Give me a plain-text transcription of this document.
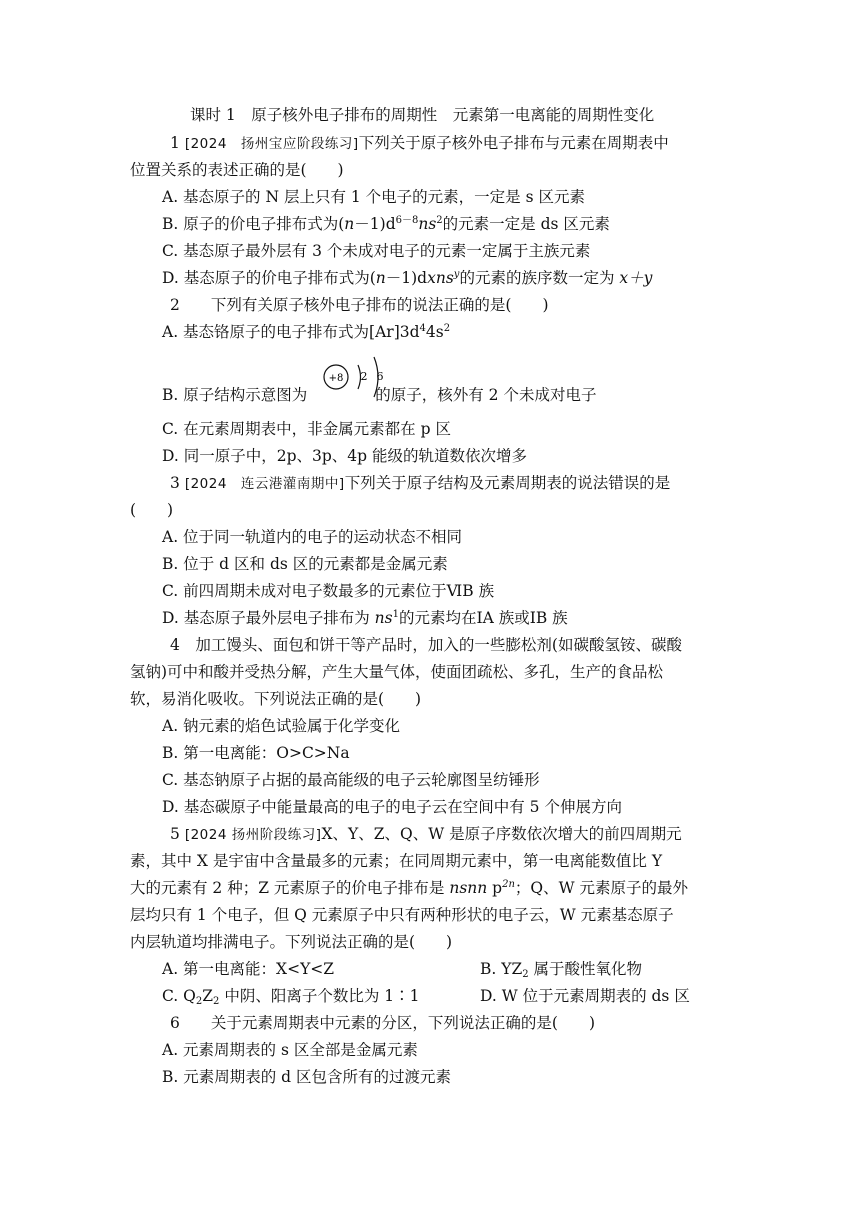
课时 1　原子核外电子排布的周期性　元素第一电离能的周期性变化
1 [2024　扬州宝应阶段练习]下列关于原子核外电子排布与元素在周期表中
位置关系的表述正确的是(　　)
A. 基态原子的 N 层上只有 1 个电子的元素，一定是 s 区元素
B. 原子的价电子排布式为$(n-1)d^{6-8}ns^2$的元素一定是 ds 区元素
C. 基态原子最外层有 3 个未成对电子的元素一定属于主族元素
D. 基态原子的价电子排布式为(n－1)dxns$^y$的元素的族序数一定为 x＋y
2　　 下列有关原子核外电子排布的说法正确的是(　　)
A. 基态铬原子的电子排布式为$[Ar]3d^44s^2$
B. 原子结构示意图为	的原子，核外有 2 个未成对电子
+8 2 6
C. 在元素周期表中，非金属元素都在 p 区
D. 同一原子中，2p、3p、4p 能级的轨道数依次增多
3 [2024　连云港灌南期中]下列关于原子结构及元素周期表的说法错误的是
(　　)
A. 位于同一轨道内的电子的运动状态不相同
B. 位于 d 区和 ds 区的元素都是金属元素
C. 前四周期未成对电子数最多的元素位于ⅥB 族
D. 基态原子最外层电子排布为 $ns^1$的元素均在ⅠA 族或ⅠB 族
4　 加工馒头、面包和饼干等产品时，加入的一些膨松剂(如碳酸氢铵、碳酸
氢钠)可中和酸并受热分解，产生大量气体，使面团疏松、多孔，生产的食品松
软，易消化吸收。下列说法正确的是(　　)
A. 钠元素的焰色试验属于化学变化
B. 第一电离能：O>C>Na
C. 基态钠原子占据的最高能级的电子云轮廓图呈纺锤形
D. 基态碳原子中能量最高的电子的电子云在空间中有 5 个伸展方向
5 [2024 扬州阶段练习]X、Y、Z、Q、W 是原子序数依次增大的前四周期元
素，其中 X 是宇宙中含量最多的元素；在同周期元素中，第一电离能数值比 Y
大的元素有 2 种；Z 元素原子的价电子排布是 nsnn $p^{2n}$；Q、W 元素原子的最外
层均只有 1 个电子，但 Q 元素原子中只有两种形状的电子云，W 元素基态原子
内层轨道均排满电子。下列说法正确的是(　　)
A. 第一电离能：X<Y<Z	B. $YZ_2$ 属于酸性氧化物
C. $Q_2Z_2$ 中阴、阳离子个数比为 1∶1	D. W 位于元素周期表的 ds 区
6　　 关于元素周期表中元素的分区，下列说法正确的是(　　)
A. 元素周期表的 s 区全部是金属元素
B. 元素周期表的 d 区包含所有的过渡元素
